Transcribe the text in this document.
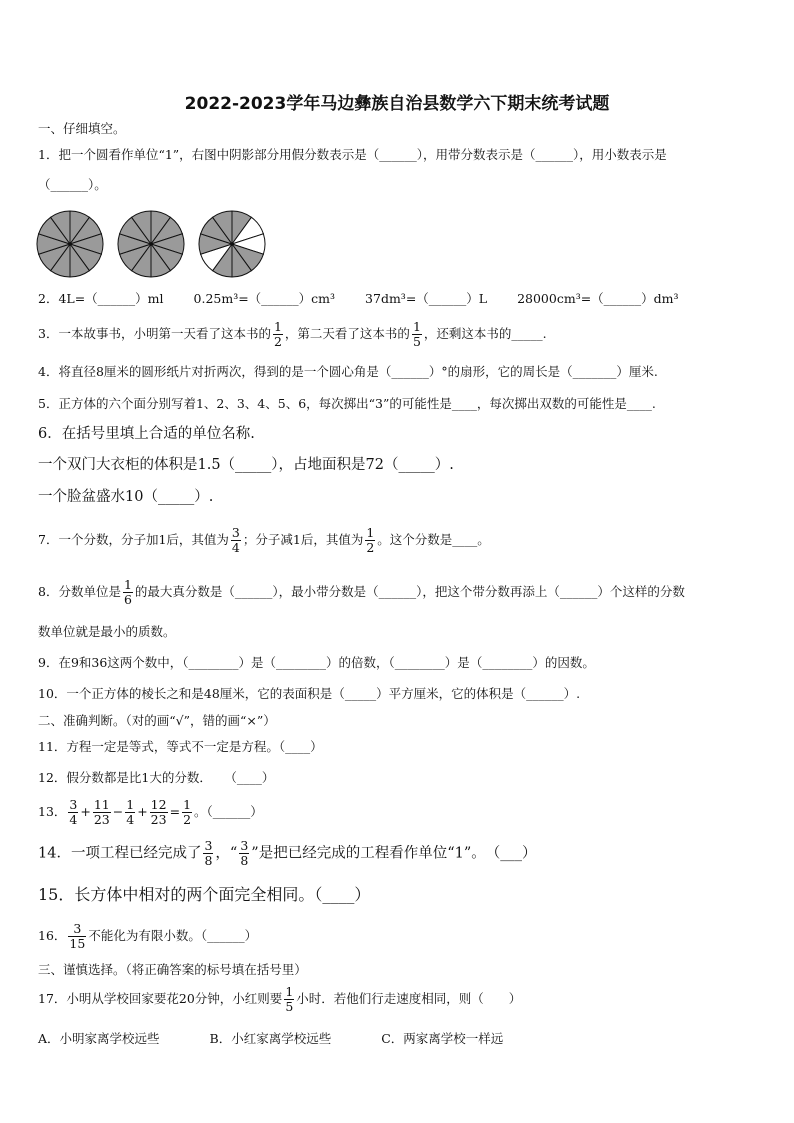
2022-2023学年马边彝族自治县数学六下期末统考试题
一、仔细填空。
1．把一个圆看作单位“1”，右图中阴影部分用假分数表示是（______），用带分数表示是（______），用小数表示是
（______）。
2．4L=（______）ml 0.25m³=（______）cm³ 37dm³=（______）L 28000cm³=（______）dm³
3．一本故事书，小明第一天看了这本书的 $\frac{1}{2}$ ，第二天看了这本书的 $\frac{1}{5}$ ，还剩这本书的_____.
4．将直径8厘米的圆形纸片对折两次，得到的是一个圆心角是（______）°的扇形，它的周长是（_______）厘米.
5．正方体的六个面分别写着1、2、3、4、5、6，每次掷出“3”的可能性是____，每次掷出双数的可能性是____.
6．在括号里填上合适的单位名称.
一个双门大衣柜的体积是1.5（_____），占地面积是72（_____）.
一个脸盆盛水10（_____）.
7．一个分数，分子加1后，其值为 $\frac{3}{4}$ ；分子减1后，其值为 $\frac{1}{2}$ 。这个分数是____。
8．分数单位是 $\frac{1}{6}$ 的最大真分数是（______），最小带分数是（______），把这个带分数再添上（______）个这样的分数
数单位就是最小的质数。
9．在9和36这两个数中，（________）是（________）的倍数，（________）是（________）的因数。
10．一个正方体的棱长之和是48厘米，它的表面积是（_____）平方厘米，它的体积是（______）.
二、准确判断。（对的画“√”，错的画“×”）
11．方程一定是等式，等式不一定是方程。（____）
12．假分数都是比1大的分数．　　（____）
13． $\frac{3}{4} + \frac{11}{23} - \frac{1}{4} + \frac{12}{23} = \frac{1}{2}$ 。（______）
14．一项工程已经完成了 $\frac{3}{8}$ ，“ $\frac{3}{8}$ ”是把已经完成的工程看作单位“1”。　（___）
15．长方体中相对的两个面完全相同。（____）
16． $\frac{3}{15}$ 不能化为有限小数。（______）
三、谨慎选择。（将正确答案的标号填在括号里）
17．小明从学校回家要花20分钟，小红则要 $\frac{1}{5}$ 小时．若他们行走速度相同，则（　　）
A．小明家离学校远些	B．小红家离学校远些	C．两家离学校一样远
